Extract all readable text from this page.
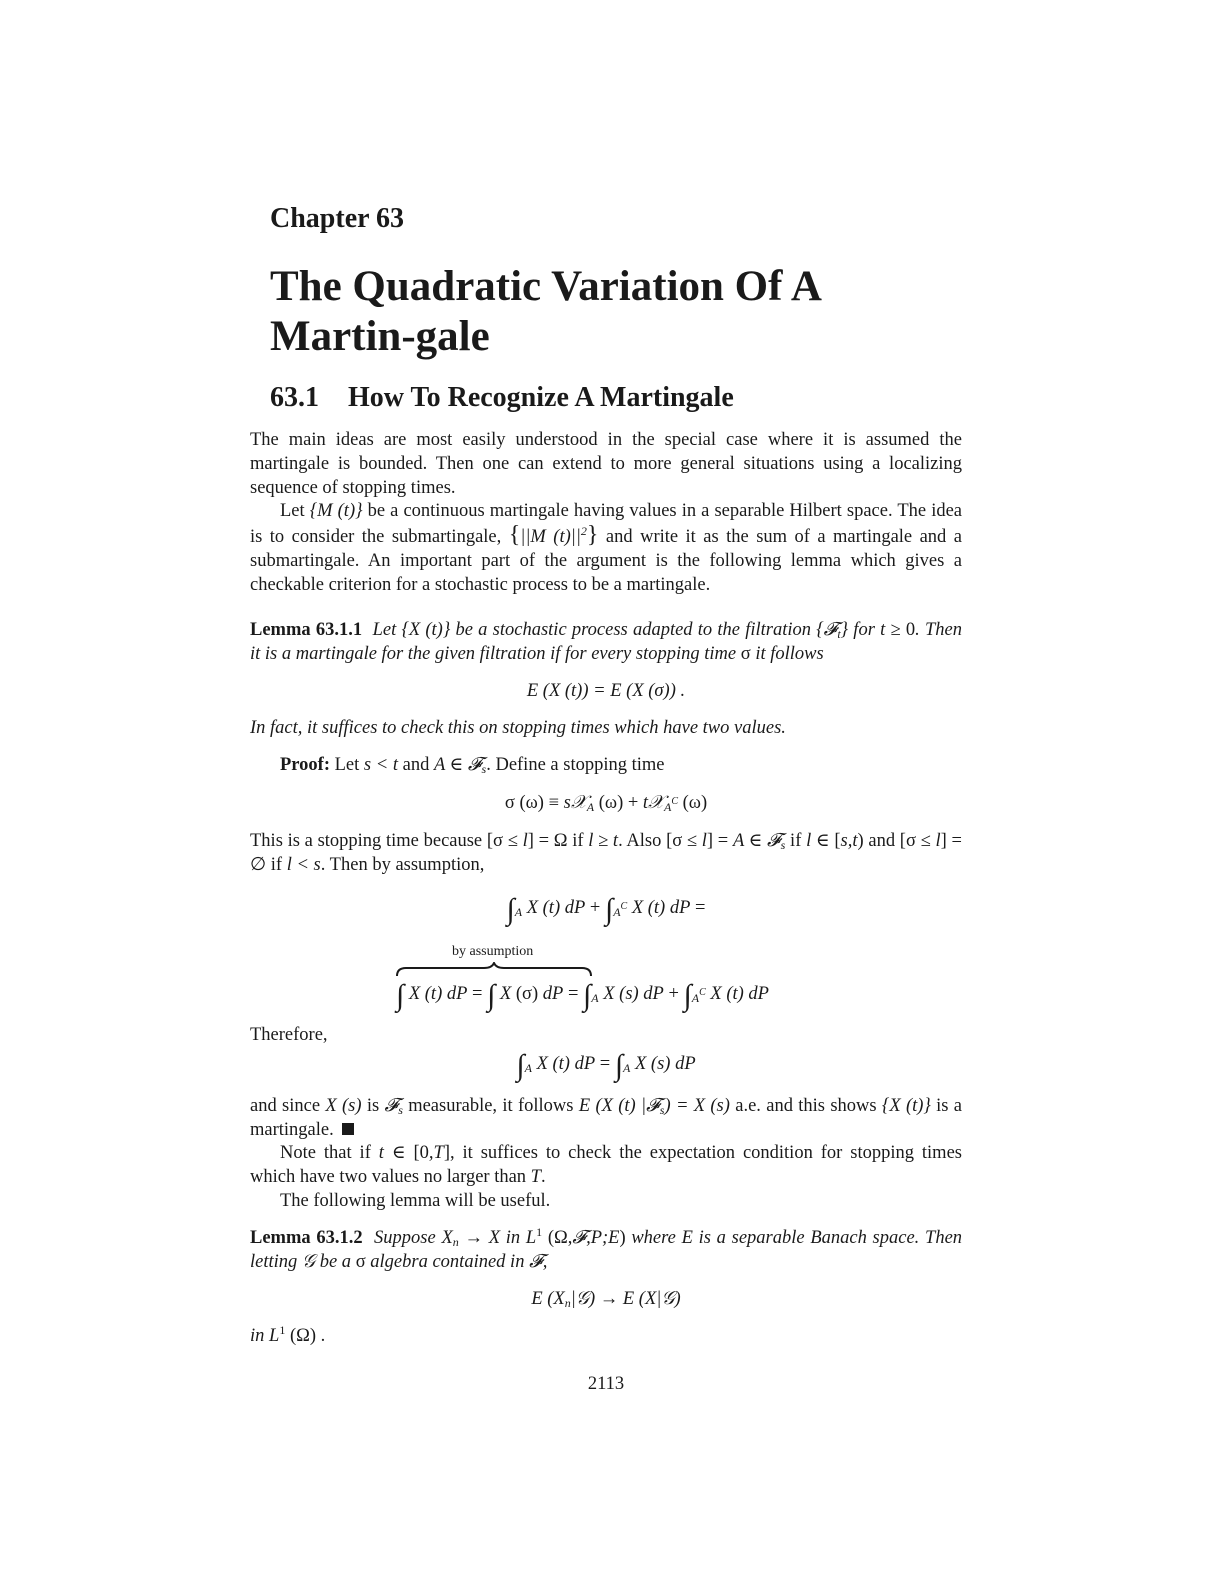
Chapter 63
The Quadratic Variation Of A Martin-gale
63.1 How To Recognize A Martingale
The main ideas are most easily understood in the special case where it is assumed the martingale is bounded. Then one can extend to more general situations using a localizing sequence of stopping times.
Let {M (t)} be a continuous martingale having values in a separable Hilbert space. The idea is to consider the submartingale, {||M $(t)||^2$} and write it as the sum of a martingale and a submartingale. An important part of the argument is the following lemma which gives a checkable criterion for a stochastic process to be a martingale.
Lemma 63.1.1 Let {X (t)} be a stochastic process adapted to the filtration {𝓕$_t$} for t ≥ 0. Then it is a martingale for the given filtration if for every stopping time σ it follows
E (X (t)) = E (X (σ)) .
In fact, it suffices to check this on stopping times which have two values.
Proof: Let s < t and A ∈ 𝓕$_s$. Define a stopping time
σ (ω) ≡ s𝒳$_A$ (ω) + t𝒳$_{A^C}$ (ω)
This is a stopping time because [σ ≤ l] = Ω if l ≥ t. Also [σ ≤ l] = A ∈ 𝓕$_s$ if l ∈ [s,t) and [σ ≤ l] = ∅ if l < s. Then by assumption,
$\int_A$ X (t) dP + $\int_{A^C}$ X (t) dP =
by assumption
∫ X (t) dP = ∫ X (σ) dP = $\int_A$ X (s) dP + $\int_{A^C}$ X (t) dP
Therefore,
$\int_A$ X (t) dP = $\int_A$ X (s) dP
and since X (s) is 𝓕$_s$ measurable, it follows E (X (t) |𝓕$_s$) = X (s) a.e. and this shows {X (t)} is a martingale.
Note that if t ∈ [0,T], it suffices to check the expectation condition for stopping times which have two values no larger than T.
The following lemma will be useful.
Lemma 63.1.2 Suppose $X_n \to X$ in $L^1$ (Ω,𝓕,P;E) where E is a separable Banach space. Then letting 𝒢 be a σ algebra contained in 𝓕,
E $(X_n|𝒢) \to E$ (X|𝒢)
in $L^1$ (Ω) .
2113
